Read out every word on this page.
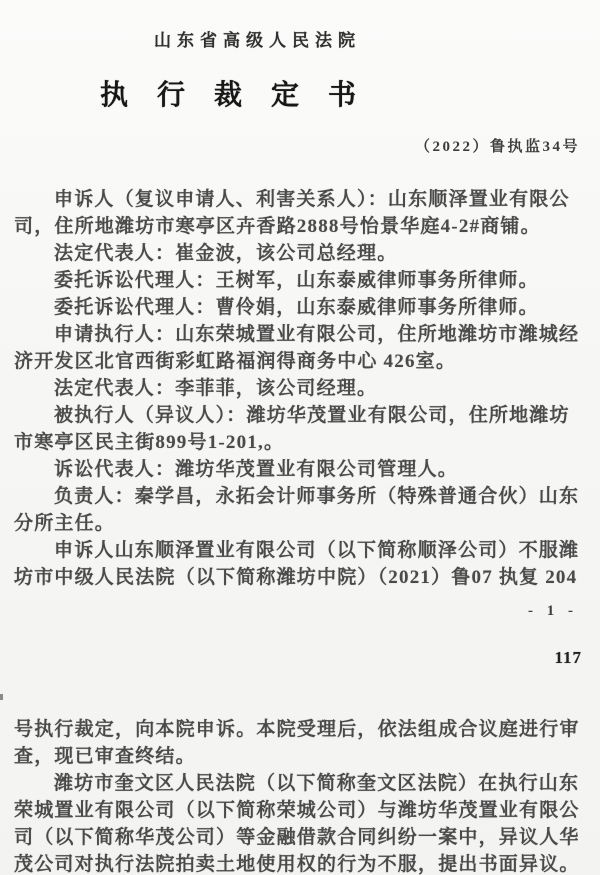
山东省高级人民法院
执行裁定书
（2022）鲁执监34号
申诉人（复议申请人、利害关系人）：山东顺泽置业有限公
司，住所地潍坊市寒亭区卉香路2888号怡景华庭4-2#商铺。
法定代表人：崔金波，该公司总经理。
委托诉讼代理人：王树军，山东泰威律师事务所律师。
委托诉讼代理人：曹伶娟，山东泰威律师事务所律师。
申请执行人：山东荣城置业有限公司，住所地潍坊市潍城经
济开发区北官西街彩虹路福润得商务中心 426室。
法定代表人：李菲菲，该公司经理。
被执行人（异议人）：潍坊华茂置业有限公司，住所地潍坊
市寒亭区民主街899号1-201,。
诉讼代表人：潍坊华茂置业有限公司管理人。
负责人：秦学昌，永拓会计师事务所（特殊普通合伙）山东
分所主任。
申诉人山东顺泽置业有限公司（以下简称顺泽公司）不服潍
坊市中级人民法院（以下简称潍坊中院）（2021）鲁07 执复 204
- 1 -
117
号执行裁定，向本院申诉。本院受理后，依法组成合议庭进行审
查，现已审查终结。
潍坊市奎文区人民法院（以下简称奎文区法院）在执行山东
荣城置业有限公司（以下简称荣城公司）与潍坊华茂置业有限公
司（以下简称华茂公司）等金融借款合同纠纷一案中，异议人华
茂公司对执行法院拍卖土地使用权的行为不服，提出书面异议。
